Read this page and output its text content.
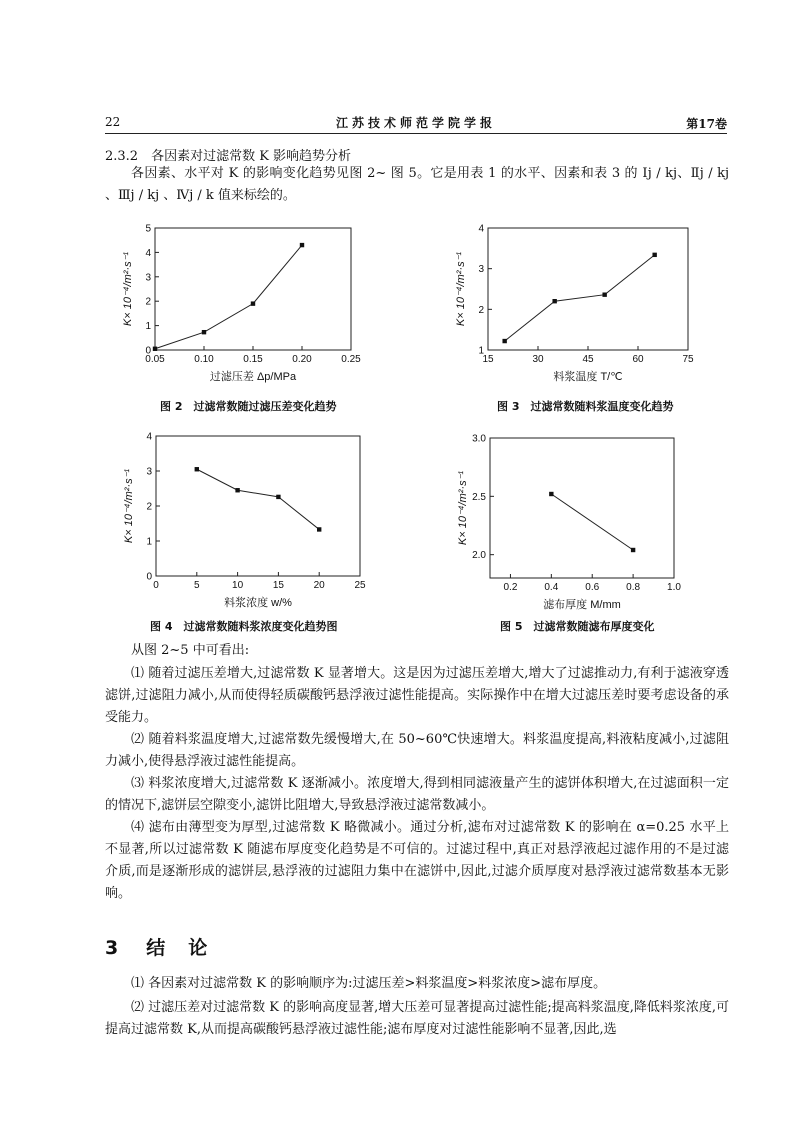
22	江苏技术师范学院学报	第17卷
2.3.2　各因素对过滤常数 K 影响趋势分析
各因素、水平对 K 的影响变化趋势见图 2~ 图 5。它是用表 1 的水平、因素和表 3 的 Ⅰj / kj、Ⅱj / kj 、Ⅲj / kj 、Ⅳj / k 值来标绘的。
0.05	0.10	0.15	0.20	0.25
0
1
2
3
4
5
K× 10⁻⁴/m²·s⁻¹
过滤压差 Δp/MPa
图 2　过滤常数随过滤压差变化趋势
15	30	45	60	75
1
2
3
4
K× 10⁻⁴/m²·s⁻¹
料浆温度 T/℃
图 3　过滤常数随料浆温度变化趋势
0	5	10	15	20	25
0
1
2
3
4
K× 10⁻⁴/m²·s⁻¹
料浆浓度 w/%
图 4　过滤常数随料浆浓度变化趋势图
0.2	0.4	0.6	0.8	1.0
2.0
2.5
3.0
K× 10⁻⁴/m²·s⁻¹
滤布厚度 M/mm
图 5　过滤常数随滤布厚度变化
从图 2~5 中可看出:
⑴ 随着过滤压差增大,过滤常数 K 显著增大。这是因为过滤压差增大,增大了过滤推动力,有利于滤液穿透滤饼,过滤阻力减小,从而使得轻质碳酸钙悬浮液过滤性能提高。实际操作中在增大过滤压差时要考虑设备的承受能力。
⑵ 随着料浆温度增大,过滤常数先缓慢增大,在 50~60℃快速增大。料浆温度提高,料液粘度减小,过滤阻力减小,使得悬浮液过滤性能提高。
⑶ 料浆浓度增大,过滤常数 K 逐渐减小。浓度增大,得到相同滤液量产生的滤饼体积增大,在过滤面积一定的情况下,滤饼层空隙变小,滤饼比阻增大,导致悬浮液过滤常数减小。
⑷ 滤布由薄型变为厚型,过滤常数 K 略微减小。通过分析,滤布对过滤常数 K 的影响在 α=0.25 水平上不显著,所以过滤常数 K 随滤布厚度变化趋势是不可信的。过滤过程中,真正对悬浮液起过滤作用的不是过滤介质,而是逐渐形成的滤饼层,悬浮液的过滤阻力集中在滤饼中,因此,过滤介质厚度对悬浮液过滤常数基本无影响。
3 结　论
⑴ 各因素对过滤常数 K 的影响顺序为:过滤压差>料浆温度>料浆浓度>滤布厚度。
⑵ 过滤压差对过滤常数 K 的影响高度显著,增大压差可显著提高过滤性能;提高料浆温度,降低料浆浓度,可提高过滤常数 K,从而提高碳酸钙悬浮液过滤性能;滤布厚度对过滤性能影响不显著,因此,选
